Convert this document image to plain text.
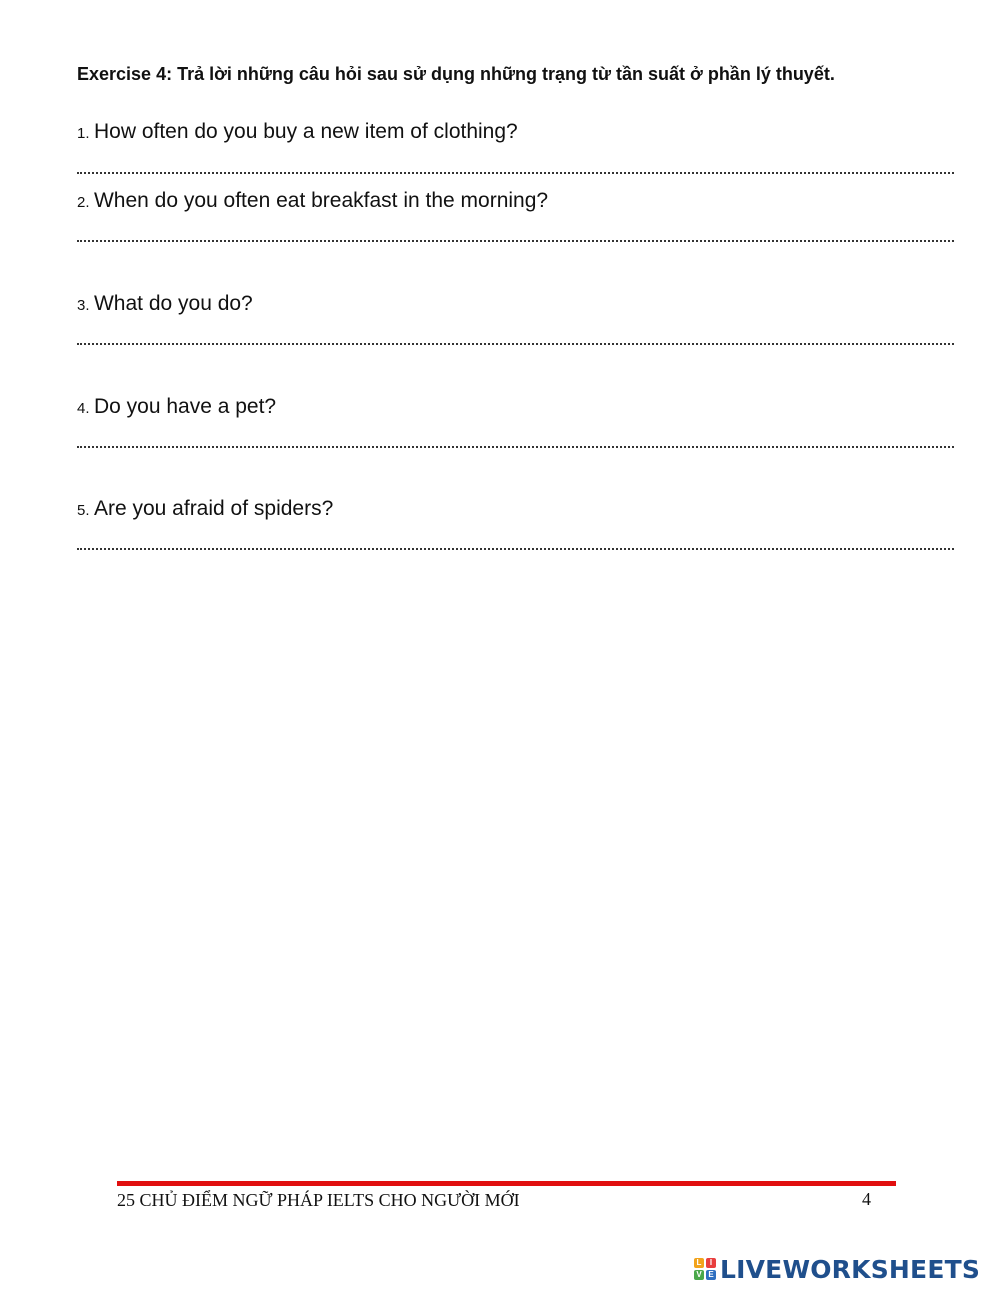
Exercise 4: Trả lời những câu hỏi sau sử dụng những trạng từ tần suất ở phần lý thuyết.
1. How often do you buy a new item of clothing?
2. When do you often eat breakfast in the morning?
3. What do you do?
4. Do you have a pet?
5. Are you afraid of spiders?
25 CHỦ ĐIỂM NGỮ PHÁP IELTS CHO NGƯỜI MỚI	4
L	I
V E LIVEWORKSHEETS
